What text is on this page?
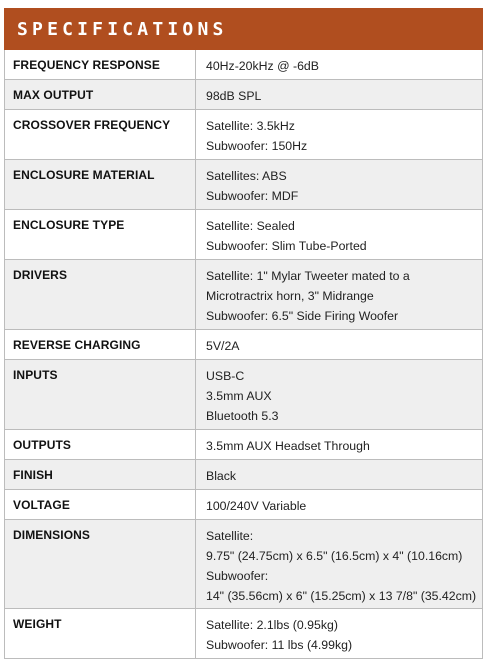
SPECIFICATIONS
FREQUENCY RESPONSE	40Hz-20kHz @ -6dB
MAX OUTPUT	98dB SPL
CROSSOVER FREQUENCY	Satellite: 3.5kHz
Subwoofer: 150Hz
ENCLOSURE MATERIAL	Satellites: ABS
Subwoofer: MDF
ENCLOSURE TYPE	Satellite: Sealed
Subwoofer: Slim Tube-Ported
DRIVERS	Satellite: 1" Mylar Tweeter mated to a
Microtractrix horn, 3" Midrange
Subwoofer: 6.5" Side Firing Woofer
REVERSE CHARGING	5V/2A
INPUTS	USB-C
3.5mm AUX
Bluetooth 5.3
OUTPUTS	3.5mm AUX Headset Through
FINISH	Black
VOLTAGE	100/240V Variable
DIMENSIONS	Satellite:
9.75" (24.75cm) x 6.5" (16.5cm) x 4" (10.16cm)
Subwoofer:
14" (35.56cm) x 6" (15.25cm) x 13 7/8" (35.42cm)
WEIGHT	Satellite: 2.1lbs (0.95kg)
Subwoofer: 11 lbs (4.99kg)
